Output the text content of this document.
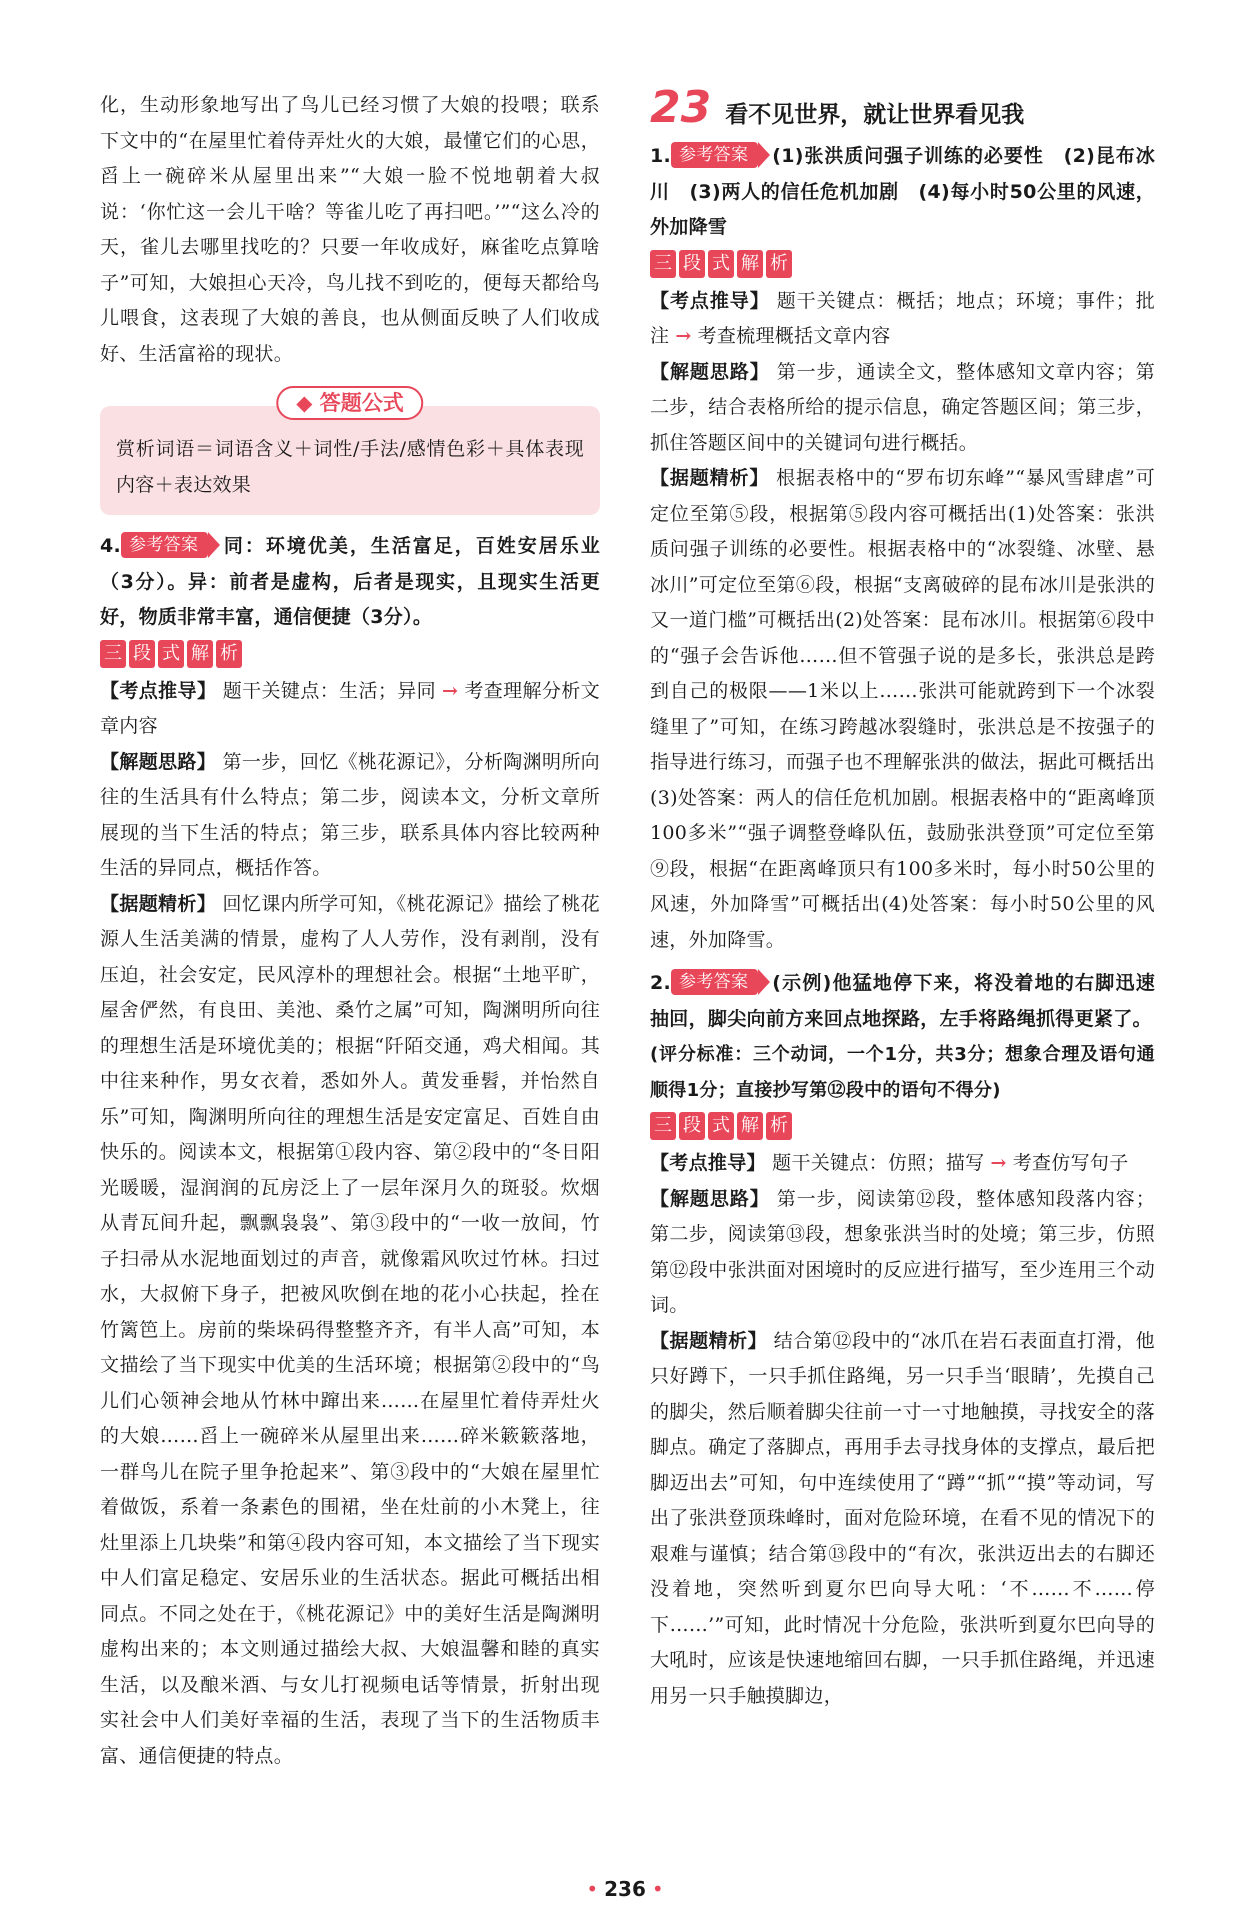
化，生动形象地写出了鸟儿已经习惯了大娘的投喂；联系下文中的“在屋里忙着侍弄灶火的大娘，最懂它们的心思，舀上一碗碎米从屋里出来”“大娘一脸不悦地朝着大叔说：‘你忙这一会儿干啥？等雀儿吃了再扫吧。’”“这么冷的天，雀儿去哪里找吃的？只要一年收成好，麻雀吃点算啥子”可知，大娘担心天冷，鸟儿找不到吃的，便每天都给鸟儿喂食，这表现了大娘的善良，也从侧面反映了人们收成好、生活富裕的现状。

◆ 答题公式

赏析词语＝词语含义＋词性/手法/感情色彩＋具体表现内容＋表达效果

4. 参考答案 同：环境优美，生活富足，百姓安居乐业（3分）。异：前者是虚构，后者是现实，且现实生活更好，物质非常丰富，通信便捷（3分）。

三 段 式 解 析

【考点推导】 题干关键点：生活；异同 → 考查理解分析文章内容

【解题思路】 第一步，回忆《桃花源记》，分析陶渊明所向往的生活具有什么特点；第二步，阅读本文，分析文章所展现的当下生活的特点；第三步，联系具体内容比较两种生活的异同点，概括作答。

【据题精析】 回忆课内所学可知，《桃花源记》描绘了桃花源人生活美满的情景，虚构了人人劳作，没有剥削，没有压迫，社会安定，民风淳朴的理想社会。根据“土地平旷，屋舍俨然，有良田、美池、桑竹之属”可知，陶渊明所向往的理想生活是环境优美的；根据“阡陌交通，鸡犬相闻。其中往来种作，男女衣着，悉如外人。黄发垂髫，并怡然自乐”可知，陶渊明所向往的理想生活是安定富足、百姓自由快乐的。阅读本文，根据第①段内容、第②段中的“冬日阳光暖暖，湿润润的瓦房泛上了一层年深月久的斑驳。炊烟从青瓦间升起，飘飘袅袅”、第③段中的“一收一放间，竹子扫帚从水泥地面划过的声音，就像霜风吹过竹林。扫过水，大叔俯下身子，把被风吹倒在地的花小心扶起，拴在竹篱笆上。房前的柴垛码得整整齐齐，有半人高”可知，本文描绘了当下现实中优美的生活环境；根据第②段中的“鸟儿们心领神会地从竹林中蹿出来……在屋里忙着侍弄灶火的大娘……舀上一碗碎米从屋里出来……碎米簌簌落地，一群鸟儿在院子里争抢起来”、第③段中的“大娘在屋里忙着做饭，系着一条素色的围裙，坐在灶前的小木凳上，往灶里添上几块柴”和第④段内容可知，本文描绘了当下现实中人们富足稳定、安居乐业的生活状态。据此可概括出相同点。不同之处在于，《桃花源记》中的美好生活是陶渊明虚构出来的；本文则通过描绘大叔、大娘温馨和睦的真实生活，以及酿米酒、与女儿打视频电话等情景，折射出现实社会中人们美好幸福的生活，表现了当下的生活物质丰富、通信便捷的特点。

23 看不见世界，就让世界看见我

1. 参考答案 (1)张洪质问强子训练的必要性　(2)昆布冰川　(3)两人的信任危机加剧　(4)每小时50公里的风速，外加降雪

三 段 式 解 析

【考点推导】 题干关键点：概括；地点；环境；事件；批注 → 考查梳理概括文章内容

【解题思路】 第一步，通读全文，整体感知文章内容；第二步，结合表格所给的提示信息，确定答题区间；第三步，抓住答题区间中的关键词句进行概括。

【据题精析】 根据表格中的“罗布切东峰”“暴风雪肆虐”可定位至第⑤段，根据第⑤段内容可概括出(1)处答案：张洪质问强子训练的必要性。根据表格中的“冰裂缝、冰壁、悬冰川”可定位至第⑥段，根据“支离破碎的昆布冰川是张洪的又一道门槛”可概括出(2)处答案：昆布冰川。根据第⑥段中的“强子会告诉他……但不管强子说的是多长，张洪总是跨到自己的极限——1米以上……张洪可能就跨到下一个冰裂缝里了”可知，在练习跨越冰裂缝时，张洪总是不按强子的指导进行练习，而强子也不理解张洪的做法，据此可概括出(3)处答案：两人的信任危机加剧。根据表格中的“距离峰顶100多米”“强子调整登峰队伍，鼓励张洪登顶”可定位至第⑨段，根据“在距离峰顶只有100多米时，每小时50公里的风速，外加降雪”可概括出(4)处答案：每小时50公里的风速，外加降雪。

2. 参考答案 (示例)他猛地停下来，将没着地的右脚迅速抽回，脚尖向前方来回点地探路，左手将路绳抓得更紧了。

(评分标准：三个动词，一个1分，共3分；想象合理及语句通顺得1分；直接抄写第⑫段中的语句不得分)

三 段 式 解 析

【考点推导】 题干关键点：仿照；描写 → 考查仿写句子

【解题思路】 第一步，阅读第⑫段，整体感知段落内容；第二步，阅读第⑬段，想象张洪当时的处境；第三步，仿照第⑫段中张洪面对困境时的反应进行描写，至少连用三个动词。

【据题精析】 结合第⑫段中的“冰爪在岩石表面直打滑，他只好蹲下，一只手抓住路绳，另一只手当‘眼睛’，先摸自己的脚尖，然后顺着脚尖往前一寸一寸地触摸，寻找安全的落脚点。确定了落脚点，再用手去寻找身体的支撑点，最后把脚迈出去”可知，句中连续使用了“蹲”“抓”“摸”等动词，写出了张洪登顶珠峰时，面对危险环境，在看不见的情况下的艰难与谨慎；结合第⑬段中的“有次，张洪迈出去的右脚还没着地，突然听到夏尔巴向导大吼：‘不……不……停下……’”可知，此时情况十分危险，张洪听到夏尔巴向导的大吼时，应该是快速地缩回右脚，一只手抓住路绳，并迅速用另一只手触摸脚边，

• 236 •
